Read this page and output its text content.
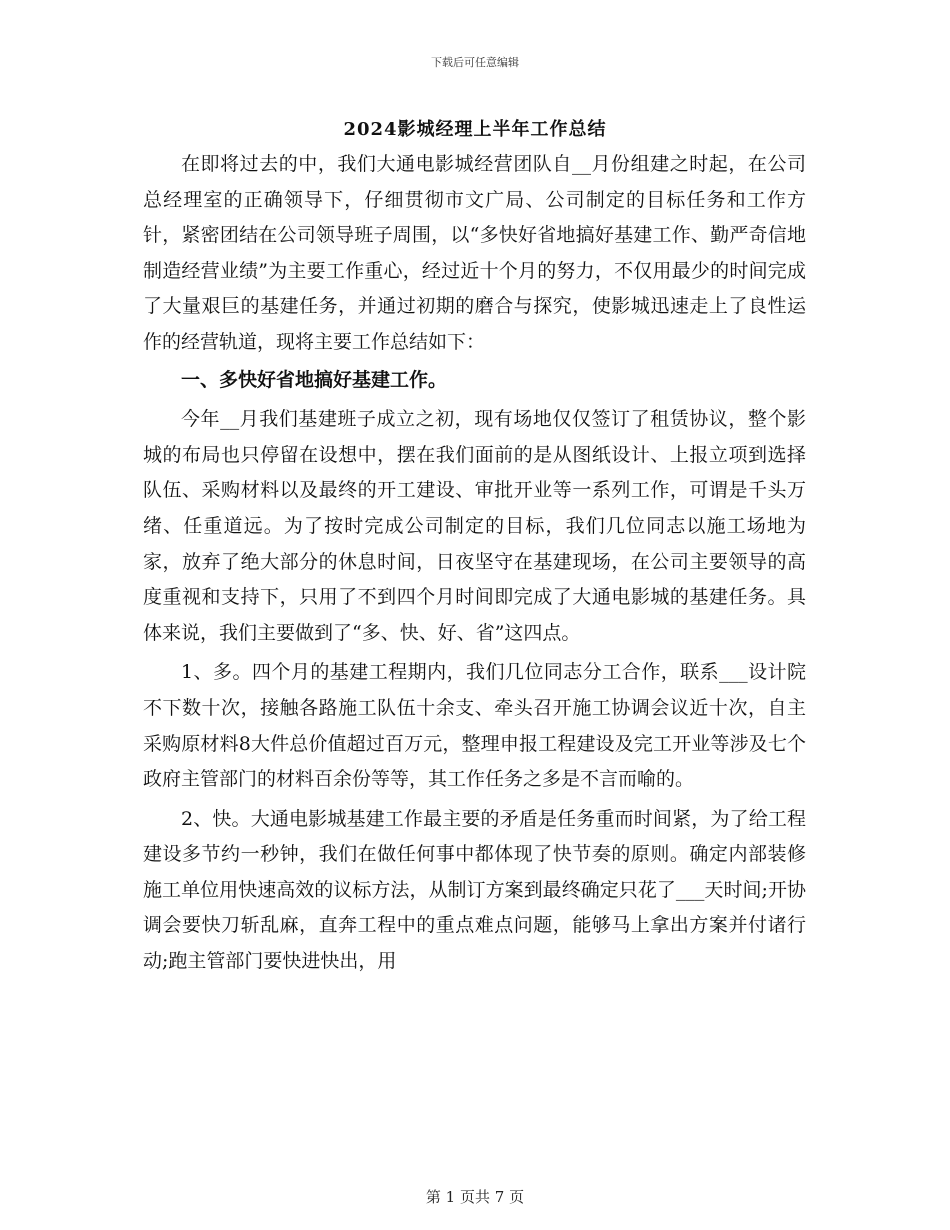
下载后可任意编辑
2024影城经理上半年工作总结

在即将过去的中，我们大通电影城经营团队自__月份组建之时起，在公司总经理室的正确领导下，仔细贯彻市文广局、公司制定的目标任务和工作方针，紧密团结在公司领导班子周围，以“多快好省地搞好基建工作、勤严奇信地制造经营业绩”为主要工作重心，经过近十个月的努力，不仅用最少的时间完成了大量艰巨的基建任务，并通过初期的磨合与探究，使影城迅速走上了良性运作的经营轨道，现将主要工作总结如下：

一、多快好省地搞好基建工作。

今年__月我们基建班子成立之初，现有场地仅仅签订了租赁协议，整个影城的布局也只停留在设想中，摆在我们面前的是从图纸设计、上报立项到选择队伍、采购材料以及最终的开工建设、审批开业等一系列工作，可谓是千头万绪、任重道远。为了按时完成公司制定的目标，我们几位同志以施工场地为家，放弃了绝大部分的休息时间，日夜坚守在基建现场，在公司主要领导的高度重视和支持下，只用了不到四个月时间即完成了大通电影城的基建任务。具体来说，我们主要做到了“多、快、好、省”这四点。

1、多。四个月的基建工程期内，我们几位同志分工合作，联系___设计院不下数十次，接触各路施工队伍十余支、牵头召开施工协调会议近十次，自主采购原材料8大件总价值超过百万元，整理申报工程建设及完工开业等涉及七个政府主管部门的材料百余份等等，其工作任务之多是不言而喻的。

2、快。大通电影城基建工作最主要的矛盾是任务重而时间紧，为了给工程建设多节约一秒钟，我们在做任何事中都体现了快节奏的原则。确定内部装修施工单位用快速高效的议标方法，从制订方案到最终确定只花了___天时间;开协调会要快刀斩乱麻，直奔工程中的重点难点问题，能够马上拿出方案并付诸行动;跑主管部门要快进快出，用

第 1 页共 7 页
